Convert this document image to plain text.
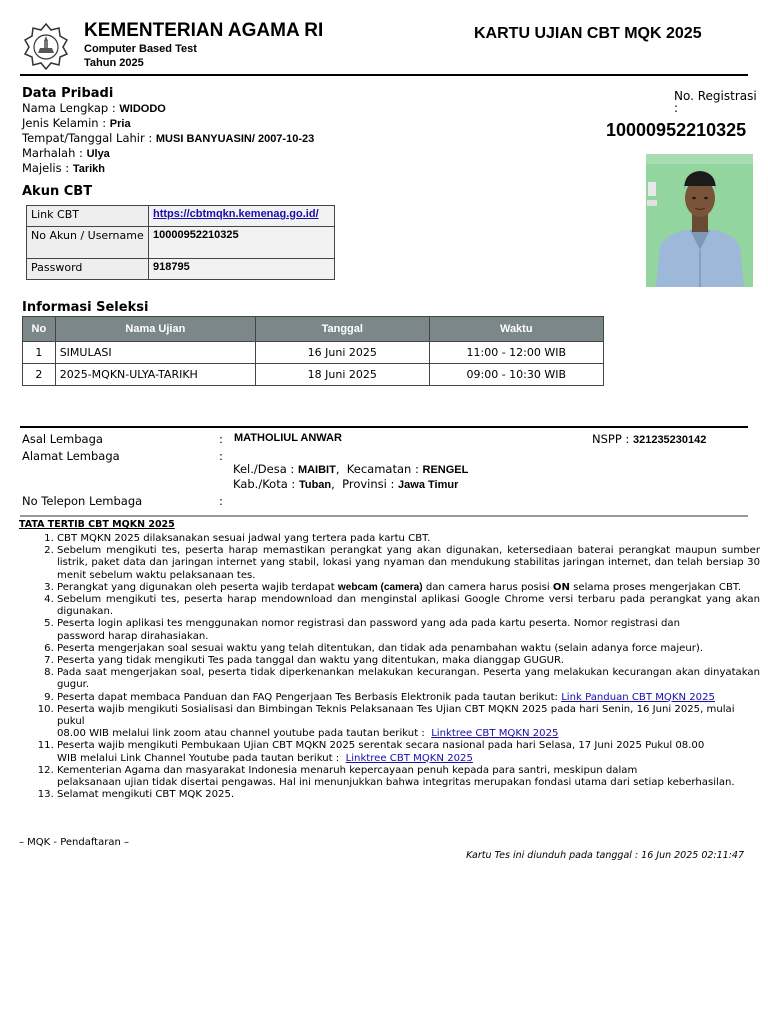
KEMENTERIAN AGAMA RI
Computer Based Test
Tahun 2025
KARTU UJIAN CBT MQK 2025
Data Pribadi
Nama Lengkap : WIDODO
Jenis Kelamin : Pria
Tempat/Tanggal Lahir : MUSI BANYUASIN/ 2007-10-23
Marhalah : Ulya
Majelis : Tarikh
No. Registrasi
:
10000952210325
Akun CBT
Link CBT	https://cbtmqkn.kemenag.go.id/
No Akun / Username	10000952210325
Password	918795
Informasi Seleksi
No	Nama Ujian	Tanggal	Waktu
1	SIMULASI	16 Juni 2025	11:00 - 12:00 WIB
2	2025-MQKN-ULYA-TARIKH	18 Juni 2025	09:00 - 10:30 WIB
Asal Lembaga	: MATHOLIUL ANWAR	NSPP : 321235230142
Alamat Lembaga	:
Kel./Desa : MAIBIT,  Kecamatan : RENGEL
Kab./Kota : Tuban,  Provinsi : Jawa Timur
No Telepon Lembaga	:
TATA TERTIB CBT MQKN 2025
1. CBT MQKN 2025 dilaksanakan sesuai jadwal yang tertera pada kartu CBT.
2. Sebelum mengikuti tes, peserta harap memastikan perangkat yang akan digunakan, ketersediaan baterai perangkat maupun sumber listrik, paket data dan jaringan internet yang stabil, lokasi yang nyaman dan mendukung stabilitas jaringan internet, dan telah bersiap 30 menit sebelum waktu pelaksanaan tes.
3. Perangkat yang digunakan oleh peserta wajib terdapat webcam (camera) dan camera harus posisi ON selama proses mengerjakan CBT.
4. Sebelum mengikuti tes, peserta harap mendownload dan menginstal aplikasi Google Chrome versi terbaru pada perangkat yang akan digunakan.
5. Peserta login aplikasi tes menggunakan nomor registrasi dan password yang ada pada kartu peserta. Nomor registrasi dan
password harap dirahasiakan.
6. Peserta mengerjakan soal sesuai waktu yang telah ditentukan, dan tidak ada penambahan waktu (selain adanya force majeur).
7. Peserta yang tidak mengikuti Tes pada tanggal dan waktu yang ditentukan, maka dianggap GUGUR.
8. Pada saat mengerjakan soal, peserta tidak diperkenankan melakukan kecurangan. Peserta yang melakukan kecurangan akan dinyatakan gugur.
9. Peserta dapat membaca Panduan dan FAQ Pengerjaan Tes Berbasis Elektronik pada tautan berikut: Link Panduan CBT MQKN 2025
10. Peserta wajib mengikuti Sosialisasi dan Bimbingan Teknis Pelaksanaan Tes Ujian CBT MQKN 2025 pada hari Senin, 16 Juni 2025, mulai pukul
08.00 WIB melalui link zoom atau channel youtube pada tautan berikut : Linktree CBT MQKN 2025
11. Peserta wajib mengikuti Pembukaan Ujian CBT MQKN 2025 serentak secara nasional pada hari Selasa, 17 Juni 2025 Pukul 08.00
WIB melalui Link Channel Youtube pada tautan berikut : Linktree CBT MQKN 2025
12. Kementerian Agama dan masyarakat Indonesia menaruh kepercayaan penuh kepada para santri, meskipun dalam
pelaksanaan ujian tidak disertai pengawas. Hal ini menunjukkan bahwa integritas merupakan fondasi utama dari setiap keberhasilan.
13. Selamat mengikuti CBT MQK 2025.
– MQK - Pendaftaran –
Kartu Tes ini diunduh pada tanggal : 16 Jun 2025 02:11:47
